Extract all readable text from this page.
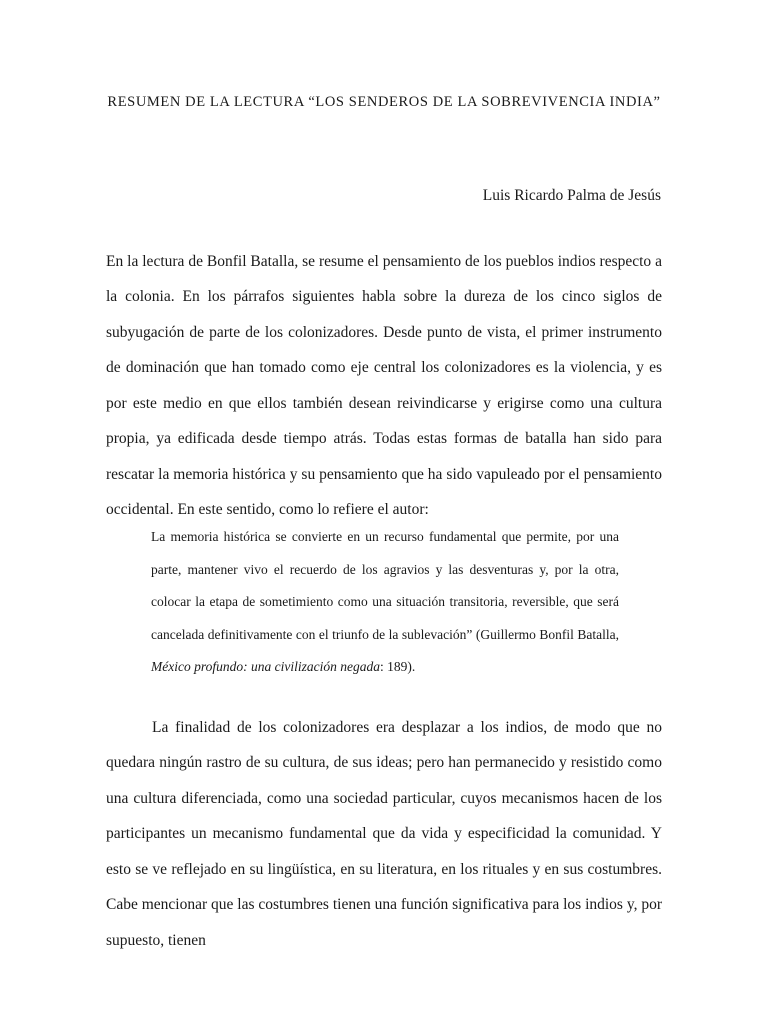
RESUMEN DE LA LECTURA “LOS SENDEROS DE LA SOBREVIVENCIA INDIA”
Luis Ricardo Palma de Jesús

En la lectura de Bonfil Batalla, se resume el pensamiento de los pueblos indios respecto a la colonia. En los párrafos siguientes habla sobre la dureza de los cinco siglos de subyugación de parte de los colonizadores. Desde punto de vista, el primer instrumento de dominación que han tomado como eje central los colonizadores es la violencia, y es por este medio en que ellos también desean reivindicarse y erigirse como una cultura propia, ya edificada desde tiempo atrás. Todas estas formas de batalla han sido para rescatar la memoria histórica y su pensamiento que ha sido vapuleado por el pensamiento occidental. En este sentido, como lo refiere el autor:

La memoria histórica se convierte en un recurso fundamental que permite, por una parte, mantener vivo el recuerdo de los agravios y las desventuras y, por la otra, colocar la etapa de sometimiento como una situación transitoria, reversible, que será cancelada definitivamente con el triunfo de la sublevación” (Guillermo Bonfil Batalla, México profundo: una civilización negada: 189).

La finalidad de los colonizadores era desplazar a los indios, de modo que no quedara ningún rastro de su cultura, de sus ideas; pero han permanecido y resistido como una cultura diferenciada, como una sociedad particular, cuyos mecanismos hacen de los participantes un mecanismo fundamental que da vida y especificidad la comunidad. Y esto se ve reflejado en su lingüística, en su literatura, en los rituales y en sus costumbres. Cabe mencionar que las costumbres tienen una función significativa para los indios y, por supuesto, tienen
